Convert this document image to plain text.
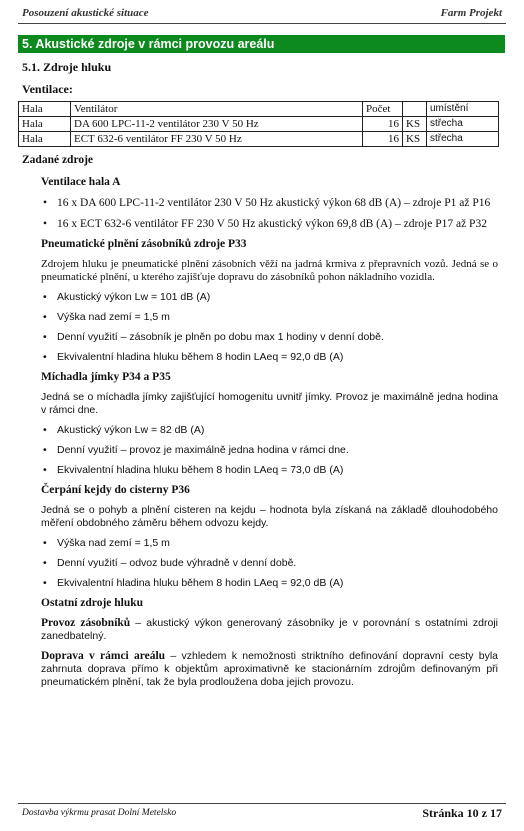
Posouzení akustické situace	Farm Projekt
5. Akustické zdroje v rámci provozu areálu
5.1. Zdroje hluku
Ventilace:
Hala	Ventilátor	Počet		umístění
Hala	DA 600 LPC-11-2 ventilátor 230 V 50 Hz	16	KS	střecha
Hala	ECT 632-6 ventilátor FF 230 V 50 Hz	16	KS	střecha
Zadané zdroje
Ventilace hala A
• 16 x DA 600 LPC-11-2 ventilátor 230 V 50 Hz akustický výkon 68 dB (A) – zdroje P1 až P16
• 16 x ECT 632-6 ventilátor FF 230 V 50 Hz akustický výkon 69,8 dB (A) – zdroje P17 až P32
Pneumatické plnění zásobníků zdroje P33
Zdrojem hluku je pneumatické plnění zásobních věží na jadrná krmiva z přepravních vozů. Jedná se o pneumatické plnění, u kterého zajišťuje dopravu do zásobníků pohon nákladního vozidla.
• Akustický výkon Lw = 101 dB (A)
• Výška nad zemí = 1,5 m
• Denní využití – zásobník je plněn po dobu max 1 hodiny v denní době.
• Ekvivalentní hladina hluku během 8 hodin LAeq = 92,0 dB (A)
Míchadla jímky P34 a P35
Jedná se o míchadla jímky zajišťující homogenitu uvnitř jímky. Provoz je maximálně jedna hodina v rámci dne.
• Akustický výkon Lw = 82 dB (A)
• Denní využití – provoz je maximálně jedna hodina v rámci dne.
• Ekvivalentní hladina hluku během 8 hodin LAeq = 73,0 dB (A)
Čerpání kejdy do cisterny P36
Jedná se o pohyb a plnění cisteren na kejdu – hodnota byla získaná na základě dlouhodobého měření obdobného záměru během odvozu kejdy.
• Výška nad zemí = 1,5 m
• Denní využití – odvoz bude výhradně v denní době.
• Ekvivalentní hladina hluku během 8 hodin LAeq = 92,0 dB (A)
Ostatní zdroje hluku
Provoz zásobníků – akustický výkon generovaný zásobníky je v porovnání s ostatními zdroji zanedbatelný.
Doprava v rámci areálu – vzhledem k nemožnosti striktního definování dopravní cesty byla zahrnuta doprava přímo k objektům aproximativně ke stacionárním zdrojům definovaným při pneumatickém plnění, tak že byla prodloužena doba jejich provozu.
Dostavba výkrmu prasat Dolní Metelsko	Stránka 10 z 17
